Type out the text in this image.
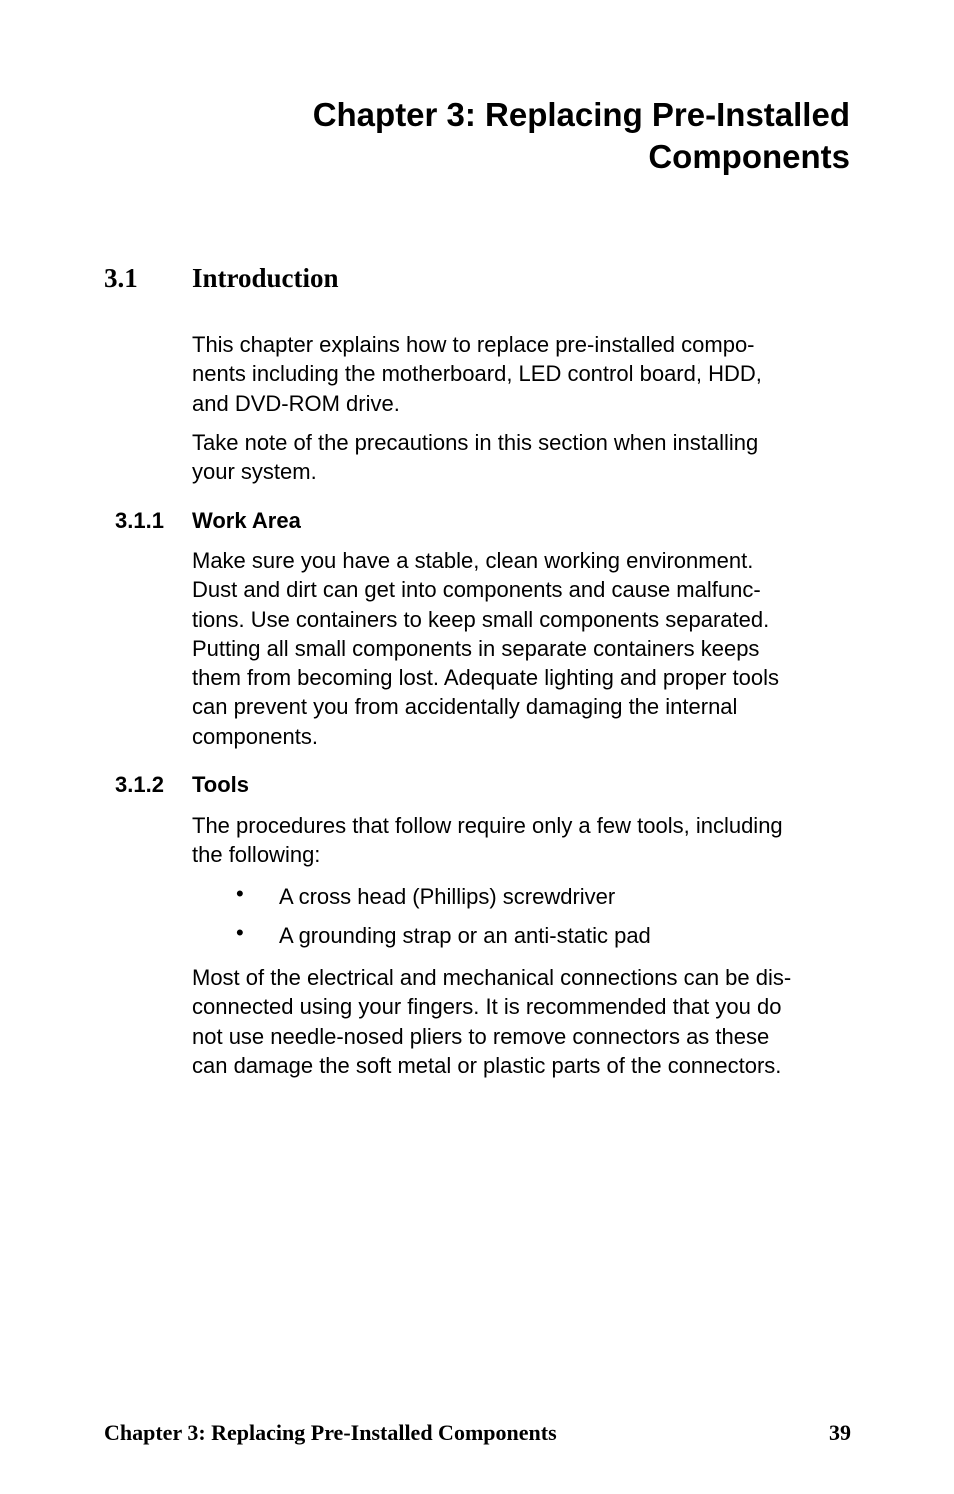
Chapter 3: Replacing Pre-Installed
Components
3.1 Introduction

This chapter explains how to replace pre-installed compo-
nents including the motherboard, LED control board, HDD,
and DVD-ROM drive.

Take note of the precautions in this section when installing
your system.

3.1.1 Work Area

Make sure you have a stable, clean working environment.
Dust and dirt can get into components and cause malfunc-
tions. Use containers to keep small components separated.
Putting all small components in separate containers keeps
them from becoming lost. Adequate lighting and proper tools
can prevent you from accidentally damaging the internal
components.

3.1.2 Tools

The procedures that follow require only a few tools, including
the following:

• A cross head (Phillips) screwdriver
• A grounding strap or an anti-static pad

Most of the electrical and mechanical connections can be dis-
connected using your fingers. It is recommended that you do
not use needle-nosed pliers to remove connectors as these
can damage the soft metal or plastic parts of the connectors.

Chapter 3: Replacing Pre-Installed Components	39
